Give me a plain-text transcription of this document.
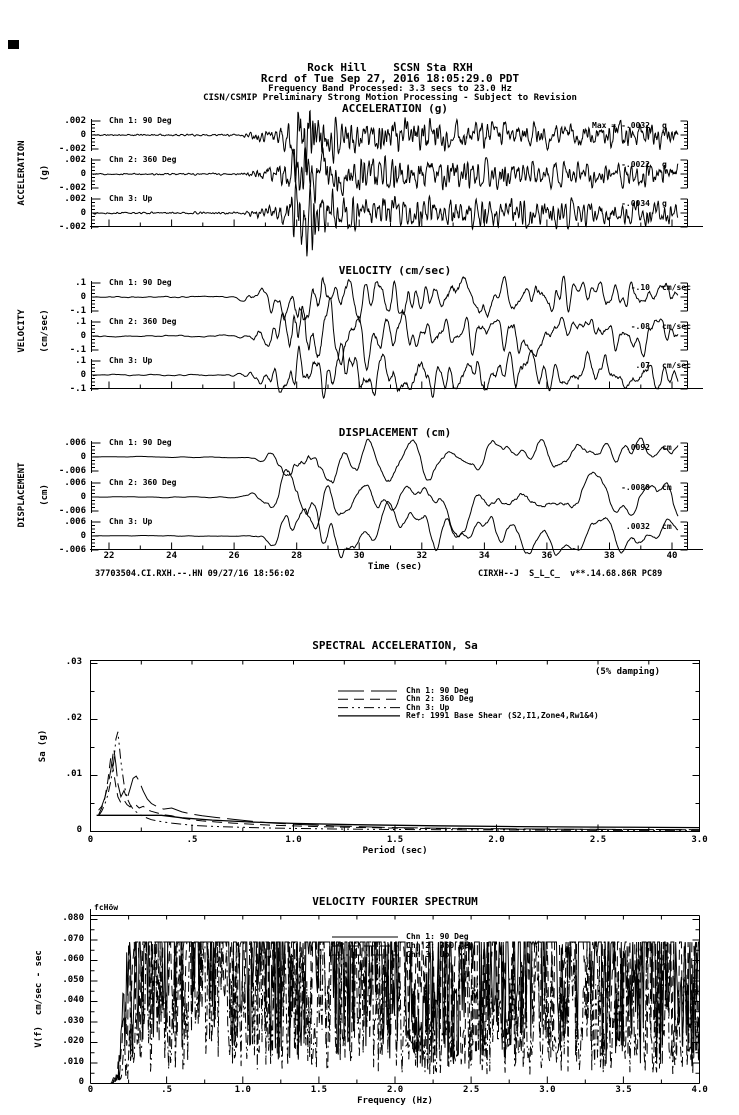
Rock Hill    SCSN Sta RXH
Rcrd of Tue Sep 27, 2016 18:05:29.0 PDT
Frequency Band Processed: 3.3 secs to 23.0 Hz
CISN/CSMIP Preliminary Strong Motion Processing - Subject to Revision
ACCELERATION (g)
ACCELERATION (g)
.002
0
-.002
Chn 1: 90 Deg
Max = -.0032 g
.002
0
-.002
Chn 2: 360 Deg
-.0022 g
.002
0
-.002
Chn 3: Up
-.0034 g
VELOCITY (cm/sec)
VELOCITY (cm/sec)
.1
0
-.1
Chn 1: 90 Deg
-.10 cm/sec
.1
0
-.1
Chn 2: 360 Deg
-.08 cm/sec
.1
0
-.1
Chn 3: Up
.07 cm/sec
DISPLACEMENT (cm)
DISPLACEMENT (cm)
.006
0
-.006
Chn 1: 90 Deg
.0092 cm
.006
0
-.006
Chn 2: 360 Deg
-.0080 cm
.006
0
-.006
Chn 3: Up
.0032 cm
22	24	26	28	30	32	34	36	38	40
Time (sec)
37703504.CI.RXH.--.HN 09/27/16 18:56:02	CIRXH--J  S_L_C_  v**.14.68.86R PC89
SPECTRAL ACCELERATION, Sa
(5% damping)
Chn 1: 90 Deg
Chn 2: 360 Deg
Chn 3: Up
Ref: 1991 Base Shear (S2,I1,Zone4,Rw1&4)
.03
.02
.01
0
Sa (g)
0	.5	1.0	1.5	2.0	2.5	3.0
Period (sec)
VELOCITY FOURIER SPECTRUM
fcHöw
Chn 1: 90 Deg
Chn 2: 360 Deg
Chn 3: Up
.080
.070
.060
.050
.040
.030
.020
.010
0
V(f)  cm/sec - sec
0	.5	1.0	1.5	2.0	2.5	3.0	3.5	4.0
Frequency (Hz)
